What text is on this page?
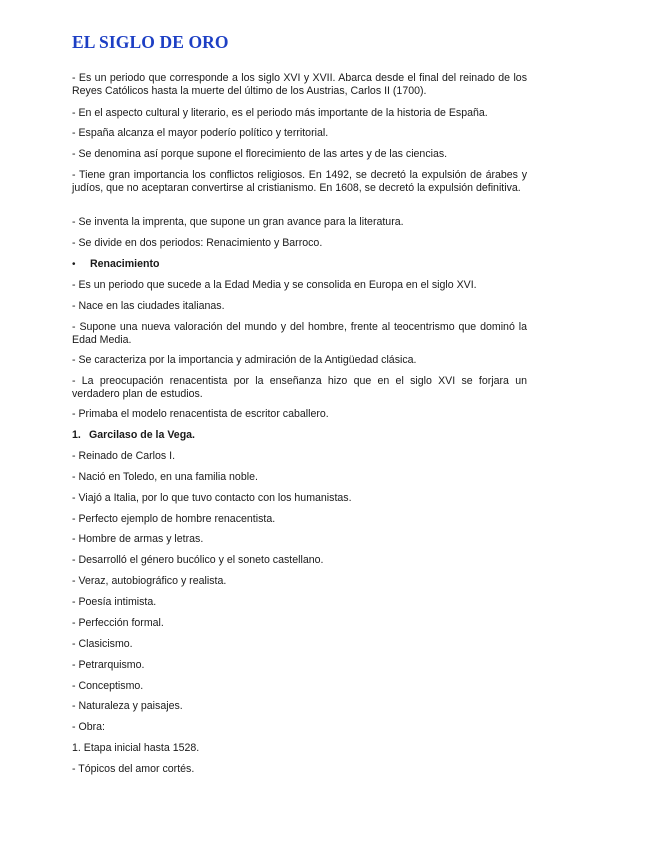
EL SIGLO DE ORO

- Es un periodo que corresponde a los siglo XVI y XVII. Abarca desde el final del reinado de los Reyes Católicos hasta la muerte del último de los Austrias, Carlos II (1700).

- En el aspecto cultural y literario, es el periodo más importante de la historia de España.

- España alcanza el mayor poderío político y territorial.

- Se denomina así porque supone el florecimiento de las artes y de las ciencias.

- Tiene gran importancia los conflictos religiosos. En 1492, se decretó la expulsión de árabes y judíos, que no aceptaran convertirse al cristianismo. En 1608, se decretó la expulsión definitiva.

- Se inventa la imprenta, que supone un gran avance para la literatura.

- Se divide en dos periodos: Renacimiento y Barroco.

•	Renacimiento

- Es un periodo que sucede a la Edad Media y se consolida en Europa en el siglo XVI.

- Nace en las ciudades italianas.

- Supone una nueva valoración del mundo y del hombre, frente al teocentrismo que dominó la Edad Media.

- Se caracteriza por la importancia y admiración de la Antigüedad clásica.

- La preocupación renacentista por la enseñanza hizo que en el siglo XVI se forjara un verdadero plan de estudios.

- Primaba el modelo renacentista de escritor caballero.

1. Garcilaso de la Vega.

- Reinado de Carlos I.

- Nació en Toledo, en una familia noble.

- Viajó a Italia, por lo que tuvo contacto con los humanistas.

- Perfecto ejemplo de hombre renacentista.

- Hombre de armas y letras.

- Desarrolló el género bucólico y el soneto castellano.

- Veraz, autobiográfico y realista.

- Poesía intimista.

- Perfección formal.

- Clasicismo.

- Petrarquismo.

- Conceptismo.

- Naturaleza y paisajes.

- Obra:

1. Etapa inicial hasta 1528.

- Tópicos del amor cortés.
